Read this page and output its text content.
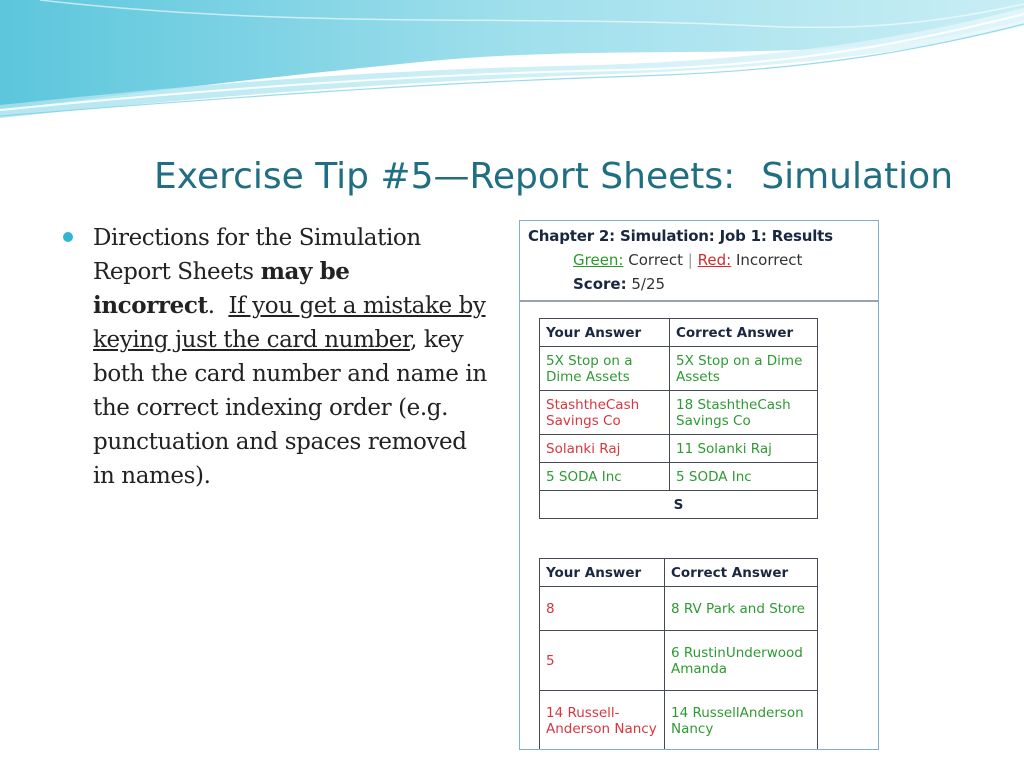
Exercise Tip #5—Report Sheets: Simulation
Directions for the Simulation Report Sheets may be incorrect.  If you get a mistake by keying just the card number, key both the card number and name in the correct indexing order (e.g. punctuation and spaces removed in names).
Chapter 2: Simulation: Job 1: Results
Green: Correct | Red: Incorrect
Score: 5/25
Your Answer	Correct Answer
5X Stop on a Dime Assets	5X Stop on a Dime Assets
StashtheCash Savings Co	18 StashtheCash Savings Co
Solanki Raj	11 Solanki Raj
5 SODA Inc	5 SODA Inc
S	
Your Answer	Correct Answer
8	8 RV Park and Store
5	6 RustinUnderwood Amanda
14 Russell-Anderson Nancy	14 RussellAnderson Nancy
